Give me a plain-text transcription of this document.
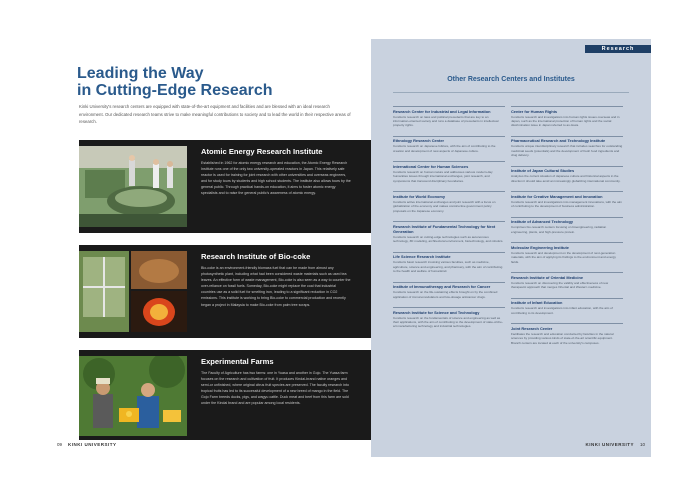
Leading the Way
in Cutting-Edge Research
Kinki University's research centers are equipped with state-of-the-art equipment and facilities and are blessed with an ideal research environment. Our dedicated research teams strive to make meaningful contributions to society and to lead the world in their respective areas of research.
Atomic Energy Research Institute

Established in 1962 for atomic energy research and education, the Atomic Energy Research Institute runs one of the only two university-operated reactors in Japan. This relatively safe reactor is used for training for joint research with other universities and overseas engineers, and for study tours by students and high school students. The institute also allows tours by the general public. Through practical hands-on education, it aims to foster atomic energy specialists and to raise the general public's awareness of atomic energy.

Research Institute of Bio-coke

Bio-coke is an environment-friendly biomass fuel that can be made from almost any photosynthetic plant, including what had been considered waste materials such as used tea leaves. An effective form of waste management, Bio-coke is also seen as a way to counter the over-reliance on fossil fuels. Someday, Bio-coke might replace the coal that industrial countries use as a solid fuel for smelting iron, leading to a significant reduction in CO2 emissions. This institute is working to bring Bio-coke to commercial production and recently began a project in Malaysia to make Bio-coke from palm tree scraps.

Experimental Farms

The Faculty of Agriculture has two farms: one in Yuasa and another in Gojo. The Yuasa farm focuses on the research and cultivation of fruit. It produces Kindai-brand native oranges and semi-or unfinished, where original citrus fruit species are preserved. The faculty research into tropical fruits has led to its successful development of a new breed of mango in the field. The Gojo Farm breeds ducks, pigs, and wagyu cattle. Duck meat and beef from this farm are sold under the Kindai brand and are popular among local residents.

09 KINKI UNIVERSITY
Other Research Centers and Institutes
Research Center for Industrial and Legal Information

Conducts research on laws and political precedents that are key to an information-oriented society and runs a database of precedents in intellectual property rights.

Ethnology Research Center

Conducts research on Japanese folklore, with the aim of contributing to the creation and development of new aspects of Japanese culture.

International Center for Human Sciences

Conducts research on human nature and addresses various modern-day humanities issues through international exchanges, joint research, and symposiums that transcend disciplinary boundaries.

Institute for World Economy

Conducts active international exchanges and joint research with a focus on globalization of the economy and makes constructive government policy proposals on the Japanese economy.

Research Institute of Fundamental Technology for Next Generation

Conducts research on cutting-edge technologies such as autonomous technology, 3D modeling, architectural environment, biotechnology, and robotics.

Life Science Research Institute

Conducts basic research involving various faculties, such as medicine, agriculture, science and engineering, and pharmacy, with the aim of contributing to the health and welfare of humankind.

Institute of Immunotherapy and Research for Cancer

Conducts research on the life-sustaining effects brought on by the combined application of immunomodulators and low-dosage anticancer drugs.

Research Institute for Science and Technology

Conducts research on the fundamentals of science and engineering as well as their applications, with the aim of contributing to the development of state-of-the-art manufacturing technology and industrial technologies.

Center for Human Rights

Conducts research and investigations into human rights issues overseas and in Japan, such as the international protection of human rights and the social discrimination issue in Japan referred to as dowa.

Pharmaceutical Research and Technology Institute

Conducts unique interdisciplinary research that includes searches for outstanding medicinal seeds (potentials) and the development of fresh food ingredients and drug delivery.

Institute of Japan Cultural Studies

Analyzes the current situation of Japanese culture and historical aspects in the direction it should take amid an increasingly globalizing international community.

Institute for Creative Management and Innovation

Conducts research and investigations into management innovations, with the aim of contributing to the development of business administration.

Institute of Advanced Technology

Comprises bio-research centers focusing on bioengineering, radiation engineering, plants, and high-pressure protein.

Molecular Engineering Institute

Conducts research and development on the development of next-generation materials, with the aim of applying its findings to the environment and energy fields.

Research Institute of Oriental Medicine

Conducts research on discovering the validity and effectiveness of new therapeutic approach that merges Oriental and Western medicine.

Institute of Infant Education

Conducts research and investigations into infant education, with the aim of contributing to its development.

Joint Research Center

Facilitates the research and education conducted by faculties in the natural sciences by providing various kinds of state-of-the-art scientific equipment. Branch centers are located at each of the university's campuses.

KINKI UNIVERSITY 10
Research
